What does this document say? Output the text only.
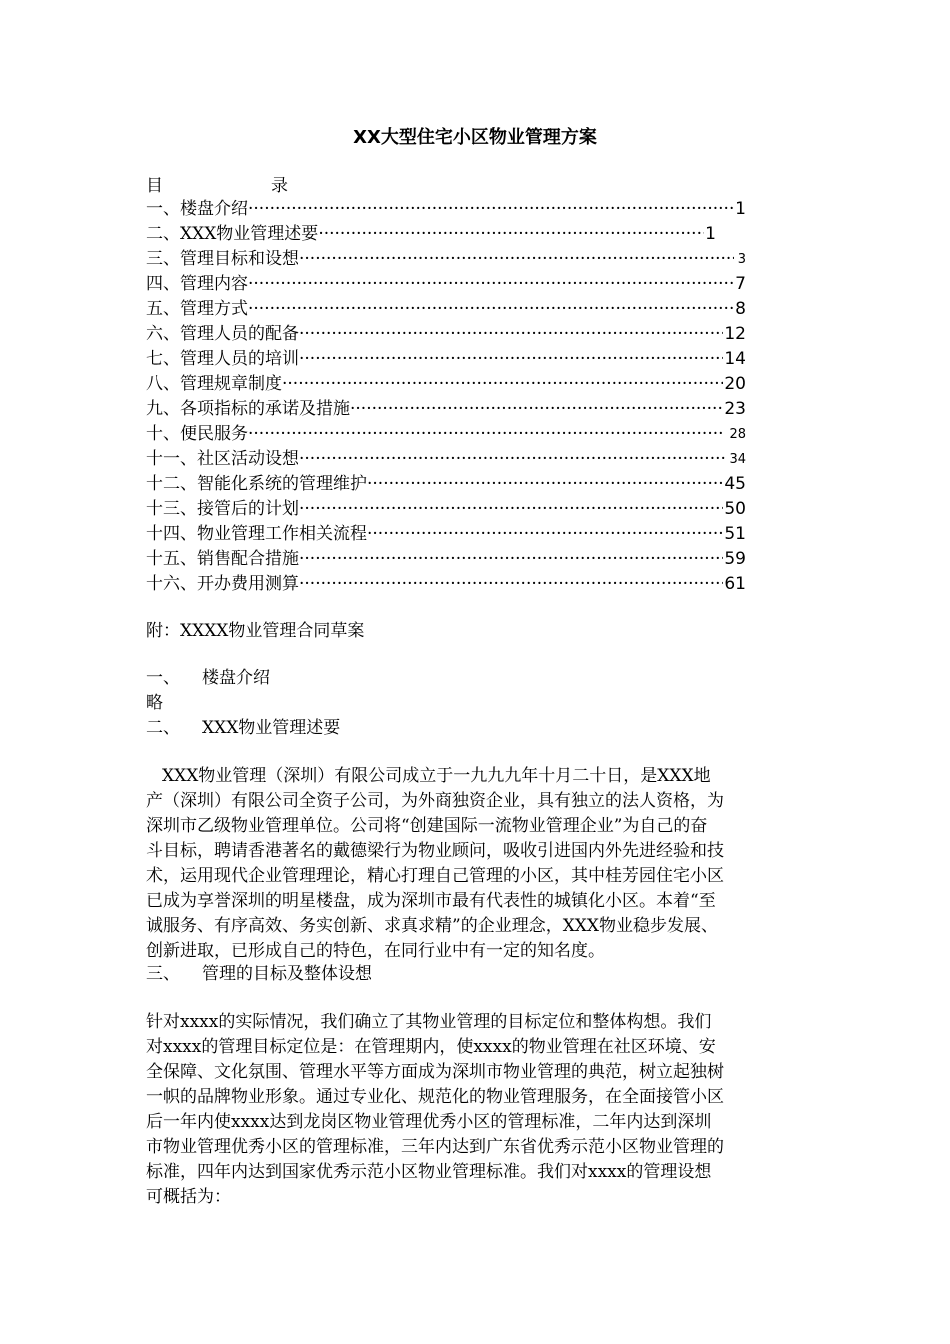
XX大型住宅小区物业管理方案
目	录
一、楼盘介绍 ·····	1
二、XXX物业管理述要 ·····	1
三、管理目标和设想 ·····	3
四、管理内容 ·····	7
五、管理方式 ·····	8
六、管理人员的配备 ·····	12
七、管理人员的培训 ·····	14
八、管理规章制度 ·····	20
九、各项指标的承诺及措施 ·····	23
十、便民服务 ·····	28
十一、社区活动设想 ·····	34
十二、智能化系统的管理维护 ·····	45
十三、接管后的计划 ·····	50
十四、物业管理工作相关流程 ·····	51
十五、销售配合措施 ·····	59
十六、开办费用测算 ·····	61
附：XXXX物业管理合同草案
一、 楼盘介绍
略
二、 XXX物业管理述要
XXX物业管理（深圳）有限公司成立于一九九九年十月二十日，是XXX地
产（深圳）有限公司全资子公司，为外商独资企业，具有独立的法人资格，为
深圳市乙级物业管理单位。公司将“创建国际一流物业管理企业”为自己的奋
斗目标，聘请香港著名的戴德梁行为物业顾问，吸收引进国内外先进经验和技
术，运用现代企业管理理论，精心打理自己管理的小区，其中桂芳园住宅小区
已成为享誉深圳的明星楼盘，成为深圳市最有代表性的城镇化小区。本着“至
诚服务、有序高效、务实创新、求真求精”的企业理念，XXX物业稳步发展、
创新进取，已形成自己的特色，在同行业中有一定的知名度。
三、 管理的目标及整体设想
针对xxxx的实际情况，我们确立了其物业管理的目标定位和整体构想。我们
对xxxx的管理目标定位是：在管理期内，使xxxx的物业管理在社区环境、安
全保障、文化氛围、管理水平等方面成为深圳市物业管理的典范，树立起独树
一帜的品牌物业形象。通过专业化、规范化的物业管理服务，在全面接管小区
后一年内使xxxx达到龙岗区物业管理优秀小区的管理标准，二年内达到深圳
市物业管理优秀小区的管理标准，三年内达到广东省优秀示范小区物业管理的
标准，四年内达到国家优秀示范小区物业管理标准。我们对xxxx的管理设想
可概括为：
